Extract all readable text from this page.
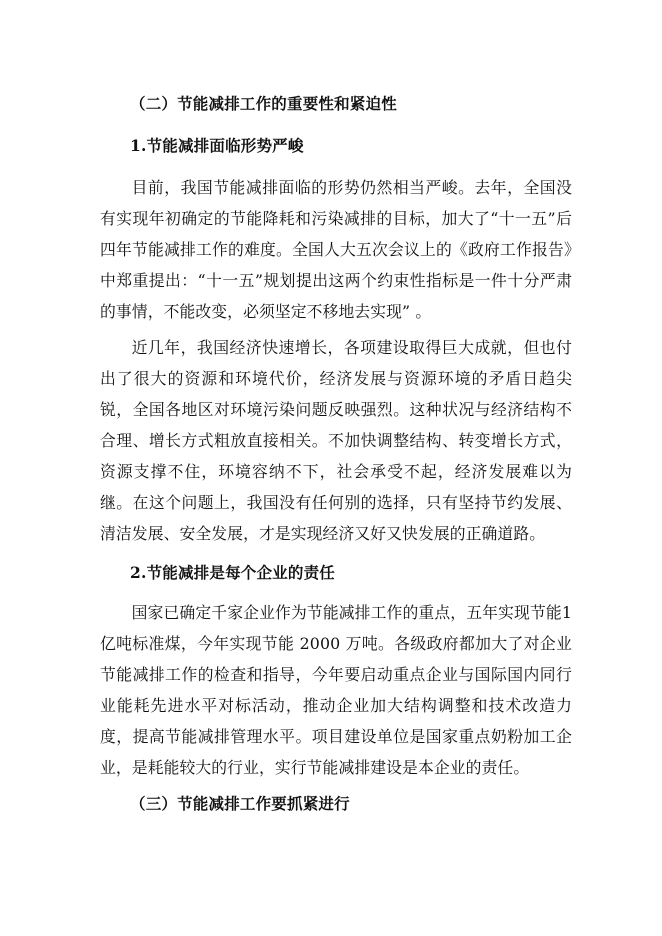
（二）节能减排工作的重要性和紧迫性
1.节能减排面临形势严峻

目前，我国节能减排面临的形势仍然相当严峻。去年，全国没有实现年初确定的节能降耗和污染减排的目标，加大了“十一五”后四年节能减排工作的难度。全国人大五次会议上的《政府工作报告》中郑重提出：“十一五”规划提出这两个约束性指标是一件十分严肃的事情，不能改变，必须坚定不移地去实现” 。

近几年，我国经济快速增长，各项建设取得巨大成就，但也付出了很大的资源和环境代价，经济发展与资源环境的矛盾日趋尖锐，全国各地区对环境污染问题反映强烈。这种状况与经济结构不合理、增长方式粗放直接相关。不加快调整结构、转变增长方式，资源支撑不住，环境容纳不下，社会承受不起，经济发展难以为继。在这个问题上，我国没有任何别的选择，只有坚持节约发展、清洁发展、安全发展，才是实现经济又好又快发展的正确道路。

2.节能减排是每个企业的责任

国家已确定千家企业作为节能减排工作的重点，五年实现节能1亿吨标准煤，今年实现节能 2000 万吨。各级政府都加大了对企业节能减排工作的检查和指导，今年要启动重点企业与国际国内同行业能耗先进水平对标活动，推动企业加大结构调整和技术改造力度，提高节能减排管理水平。项目建设单位是国家重点奶粉加工企业，是耗能较大的行业，实行节能减排建设是本企业的责任。

（三）节能减排工作要抓紧进行
